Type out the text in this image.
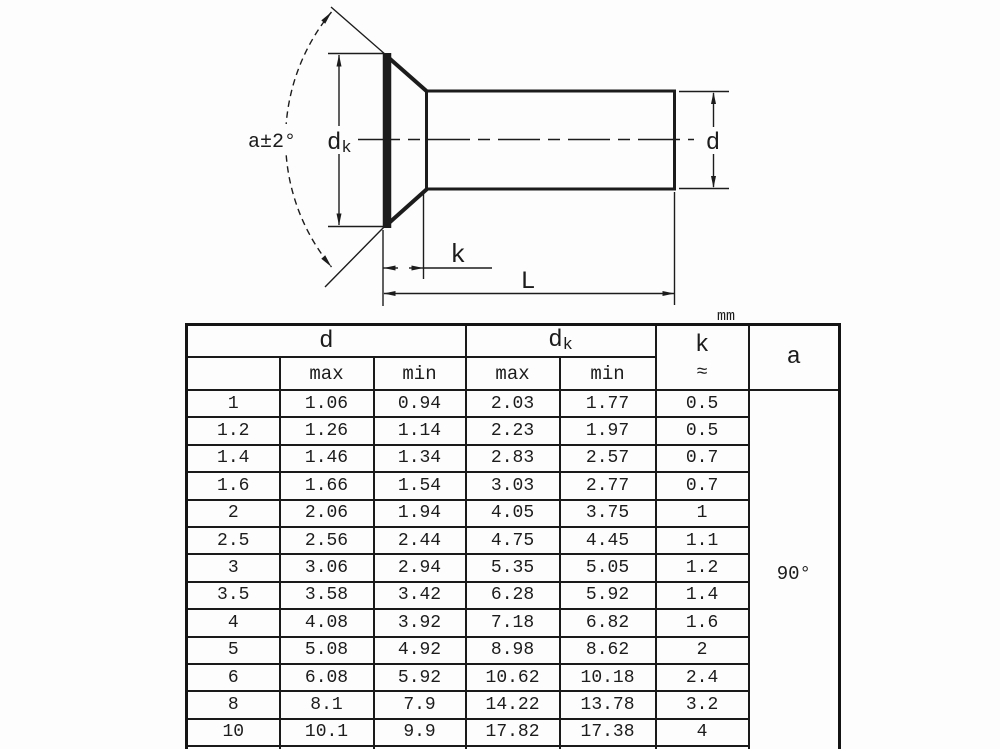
a±2° dk	d
k
L
mm
d			dk		k
≈	a
	max	min	max	min		
1	1.06	0.94	2.03	1.77	0.5	90°
1.2	1.26	1.14	2.23	1.97	0.5	
1.4	1.46	1.34	2.83	2.57	0.7	
1.6	1.66	1.54	3.03	2.77	0.7	
2	2.06	1.94	4.05	3.75	1	
2.5	2.56	2.44	4.75	4.45	1.1	
3	3.06	2.94	5.35	5.05	1.2	
3.5	3.58	3.42	6.28	5.92	1.4	
4	4.08	3.92	7.18	6.82	1.6	
5	5.08	4.92	8.98	8.62	2	
6	6.08	5.92	10.62	10.18	2.4	
8	8.1	7.9	14.22	13.78	3.2	
10	10.1	9.9	17.82	17.38	4	
